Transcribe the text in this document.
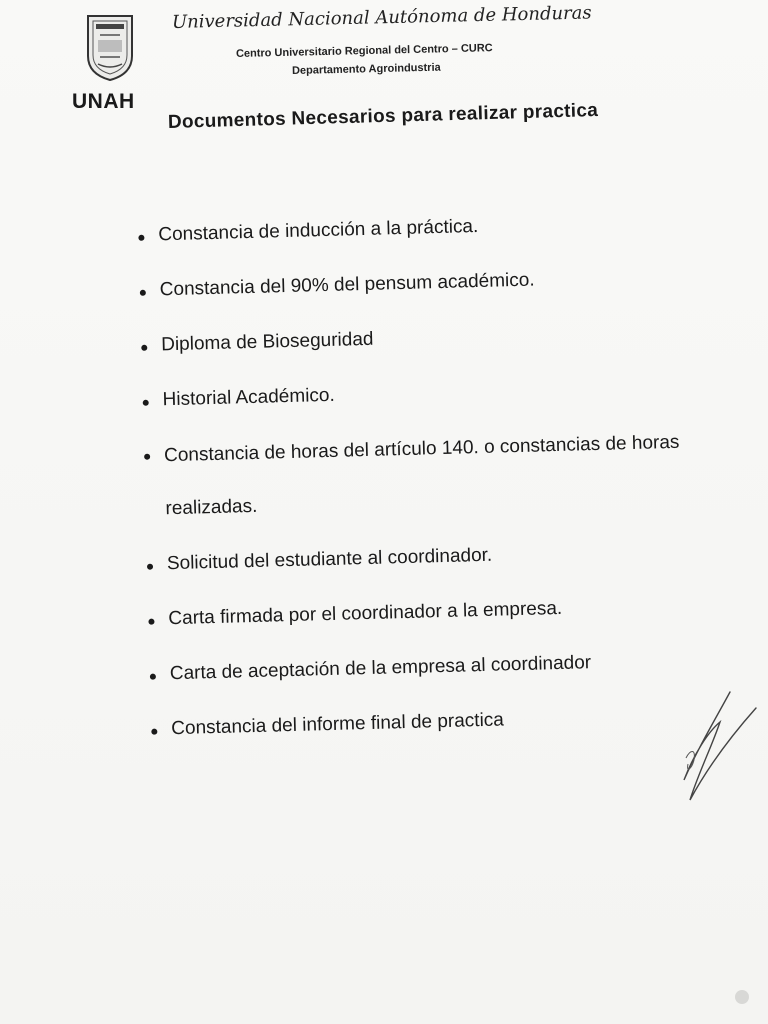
UNAH
Universidad Nacional Autónoma de Honduras
Centro Universitario Regional del Centro – CURC
Departamento Agroindustria
Documentos Necesarios para realizar practica
Constancia de inducción a la práctica.
Constancia del 90% del pensum académico.
Diploma de Bioseguridad
Historial Académico.
Constancia de horas del artículo 140. o constancias de horas realizadas.
Solicitud del estudiante al coordinador.
Carta firmada por el coordinador a la empresa.
Carta de aceptación de la empresa al coordinador
Constancia del informe final de practica
